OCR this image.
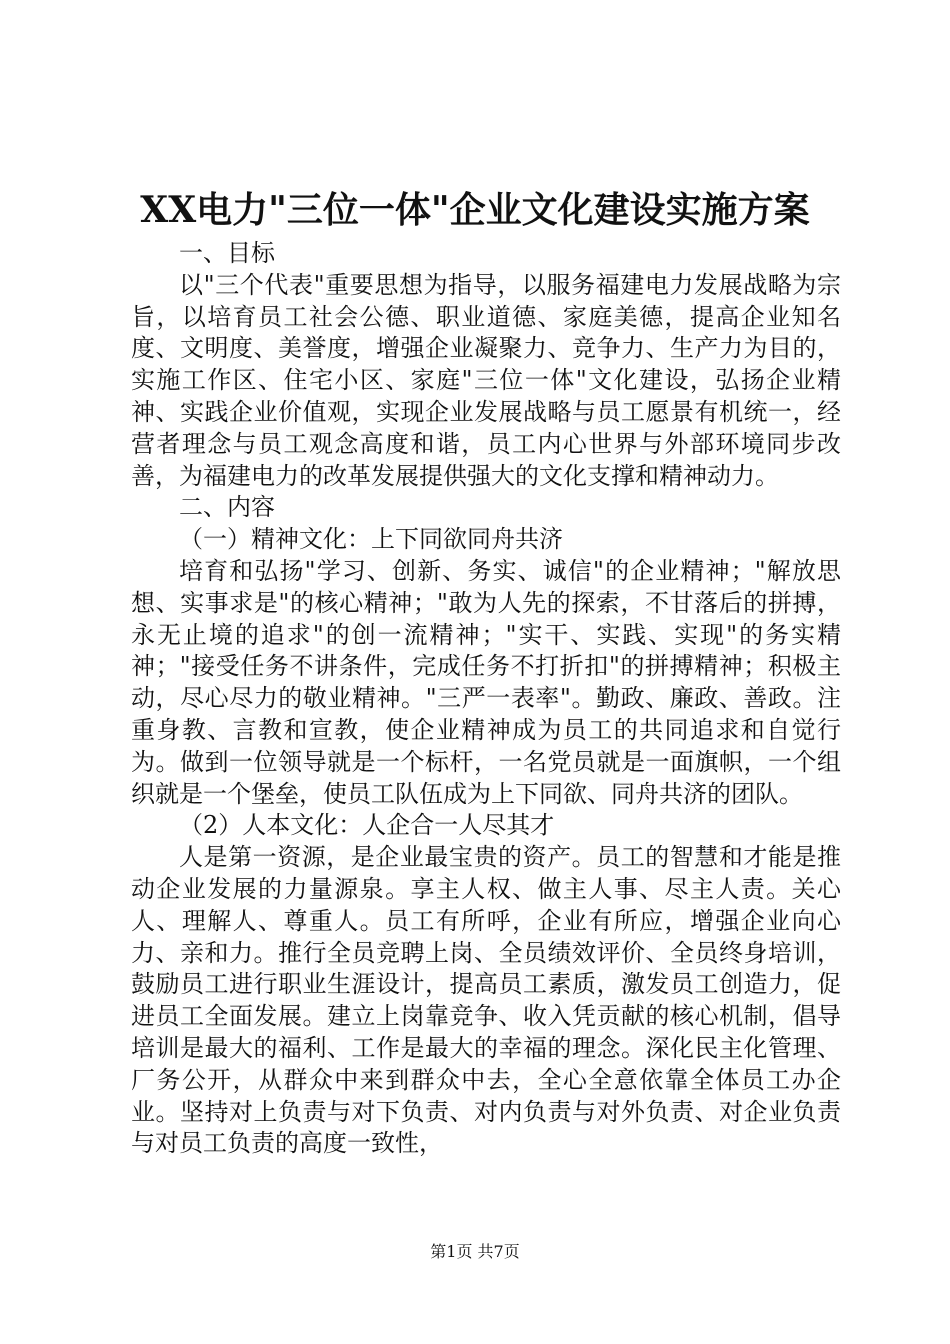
XX电力"三位一体"企业文化建设实施方案

一、目标

以"三个代表"重要思想为指导，以服务福建电力发展战略为宗旨，以培育员工社会公德、职业道德、家庭美德，提高企业知名度、文明度、美誉度，增强企业凝聚力、竞争力、生产力为目的，实施工作区、住宅小区、家庭"三位一体"文化建设，弘扬企业精神、实践企业价值观，实现企业发展战略与员工愿景有机统一，经营者理念与员工观念高度和谐，员工内心世界与外部环境同步改善，为福建电力的改革发展提供强大的文化支撑和精神动力。

二、内容

（一）精神文化：上下同欲同舟共济

培育和弘扬"学习、创新、务实、诚信"的企业精神；"解放思想、实事求是"的核心精神；"敢为人先的探索，不甘落后的拼搏，永无止境的追求"的创一流精神；"实干、实践、实现"的务实精神；"接受任务不讲条件，完成任务不打折扣"的拼搏精神；积极主动，尽心尽力的敬业精神。"三严一表率"。勤政、廉政、善政。注重身教、言教和宣教，使企业精神成为员工的共同追求和自觉行为。做到一位领导就是一个标杆，一名党员就是一面旗帜，一个组织就是一个堡垒，使员工队伍成为上下同欲、同舟共济的团队。

（2）人本文化：人企合一人尽其才

人是第一资源，是企业最宝贵的资产。员工的智慧和才能是推动企业发展的力量源泉。享主人权、做主人事、尽主人责。关心人、理解人、尊重人。员工有所呼，企业有所应，增强企业向心力、亲和力。推行全员竞聘上岗、全员绩效评价、全员终身培训，鼓励员工进行职业生涯设计，提高员工素质，激发员工创造力，促进员工全面发展。建立上岗靠竞争、收入凭贡献的核心机制，倡导培训是最大的福利、工作是最大的幸福的理念。深化民主化管理、厂务公开，从群众中来到群众中去，全心全意依靠全体员工办企业。坚持对上负责与对下负责、对内负责与对外负责、对企业负责与对员工负责的高度一致性，

第1页 共7页
